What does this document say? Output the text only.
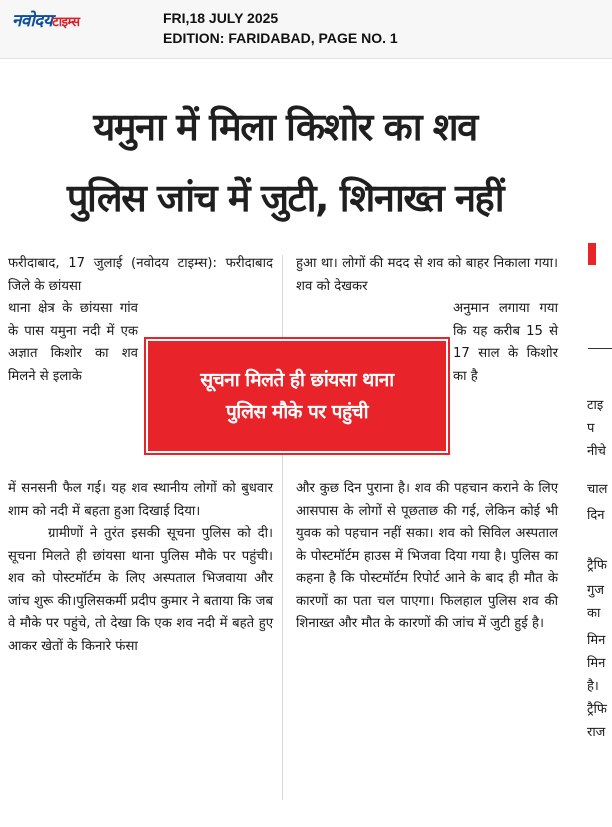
नवोदयटाइम्स	FRI,18 JULY 2025
EDITION: FARIDABAD, PAGE NO. 1
यमुना में मिला किशोर का शव
पुलिस जांच में जुटी, शिनाख्त नहीं

फरीदाबाद, 17 जुलाई (नवोदय टाइम्स): फरीदाबाद जिले के छांयसा

थाना क्षेत्र के छांयसा गांव के पास यमुना नदी में एक अज्ञात किशोर का शव मिलने से इलाके

में सनसनी फैल गई। यह शव स्थानीय लोगों को बुधवार शाम को नदी में बहता हुआ दिखाई दिया।
ग्रामीणों ने तुरंत इसकी सूचना पुलिस को दी। सूचना मिलते ही छांयसा थाना पुलिस मौके पर पहुंची। शव को पोस्टमॉर्टम के लिए अस्पताल भिजवाया और जांच शुरू की।पुलिसकर्मी प्रदीप कुमार ने बताया कि जब वे मौके पर पहुंचे, तो देखा कि एक शव नदी में बहते हुए आकर खेतों के किनारे फंसा

हुआ था। लोगों की मदद से शव को बाहर निकाला गया। शव को देखकर

अनुमान लगाया गया कि यह करीब 15 से 17 साल के किशोर का है

और कुछ दिन पुराना है। शव की पहचान कराने के लिए आसपास के लोगों से पूछताछ की गई, लेकिन कोई भी युवक को पहचान नहीं सका। शव को सिविल अस्पताल के पोस्टमॉर्टम हाउस में भिजवा दिया गया है। पुलिस का कहना है कि पोस्टमॉर्टम रिपोर्ट आने के बाद ही मौत के कारणों का पता चल पाएगा। फिलहाल पुलिस शव की शिनाख्त और मौत के कारणों की जांच में जुटी हुई है।

सूचना मिलते ही छांयसा थाना
पुलिस मौके पर पहुंची	टाइ
प
नीचे
चाल
दिन
ट्रैफि
गुज
का
मिन
मिन
है।
ट्रैफि
राज
